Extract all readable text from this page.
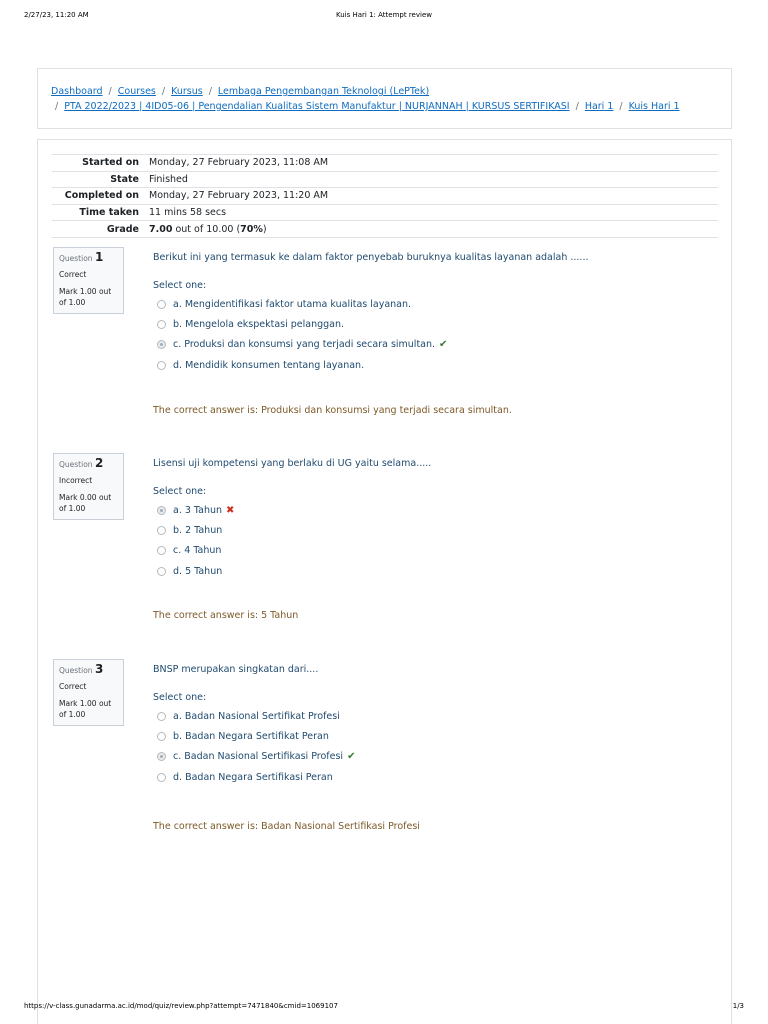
2/27/23, 11:20 AM	Kuis Hari 1: Attempt review
Dashboard / Courses / Kursus / Lembaga Pengembangan Teknologi (LePTek)
/ PTA 2022/2023 | 4ID05-06 | Pengendalian Kualitas Sistem Manufaktur | NURJANNAH | KURSUS SERTIFIKASI / Hari 1 / Kuis Hari 1
Started on	Monday, 27 February 2023, 11:08 AM
State	Finished
Completed on	Monday, 27 February 2023, 11:20 AM
Time taken	11 mins 58 secs
Grade	7.00 out of 10.00 (70%)
Question 1
Correct
Mark 1.00 out of 1.00
Berikut ini yang termasuk ke dalam faktor penyebab buruknya kualitas layanan adalah ......
Select one:
a. Mengidentifikasi faktor utama kualitas layanan.
b. Mengelola ekspektasi pelanggan.
c. Produksi dan konsumsi yang terjadi secara simultan. ✔
d. Mendidik konsumen tentang layanan.
The correct answer is: Produksi dan konsumsi yang terjadi secara simultan.
Question 2
Incorrect
Mark 0.00 out of 1.00
Lisensi uji kompetensi yang berlaku di UG yaitu selama.....
Select one:
a. 3 Tahun ✖
b. 2 Tahun
c. 4 Tahun
d. 5 Tahun
The correct answer is: 5 Tahun
Question 3
Correct
Mark 1.00 out of 1.00
BNSP merupakan singkatan dari....
Select one:
a. Badan Nasional Sertifikat Profesi
b. Badan Negara Sertifikat Peran
c. Badan Nasional Sertifikasi Profesi ✔
d. Badan Negara Sertifikasi Peran
The correct answer is: Badan Nasional Sertifikasi Profesi
https://v-class.gunadarma.ac.id/mod/quiz/review.php?attempt=7471840&cmid=1069107	1/3
